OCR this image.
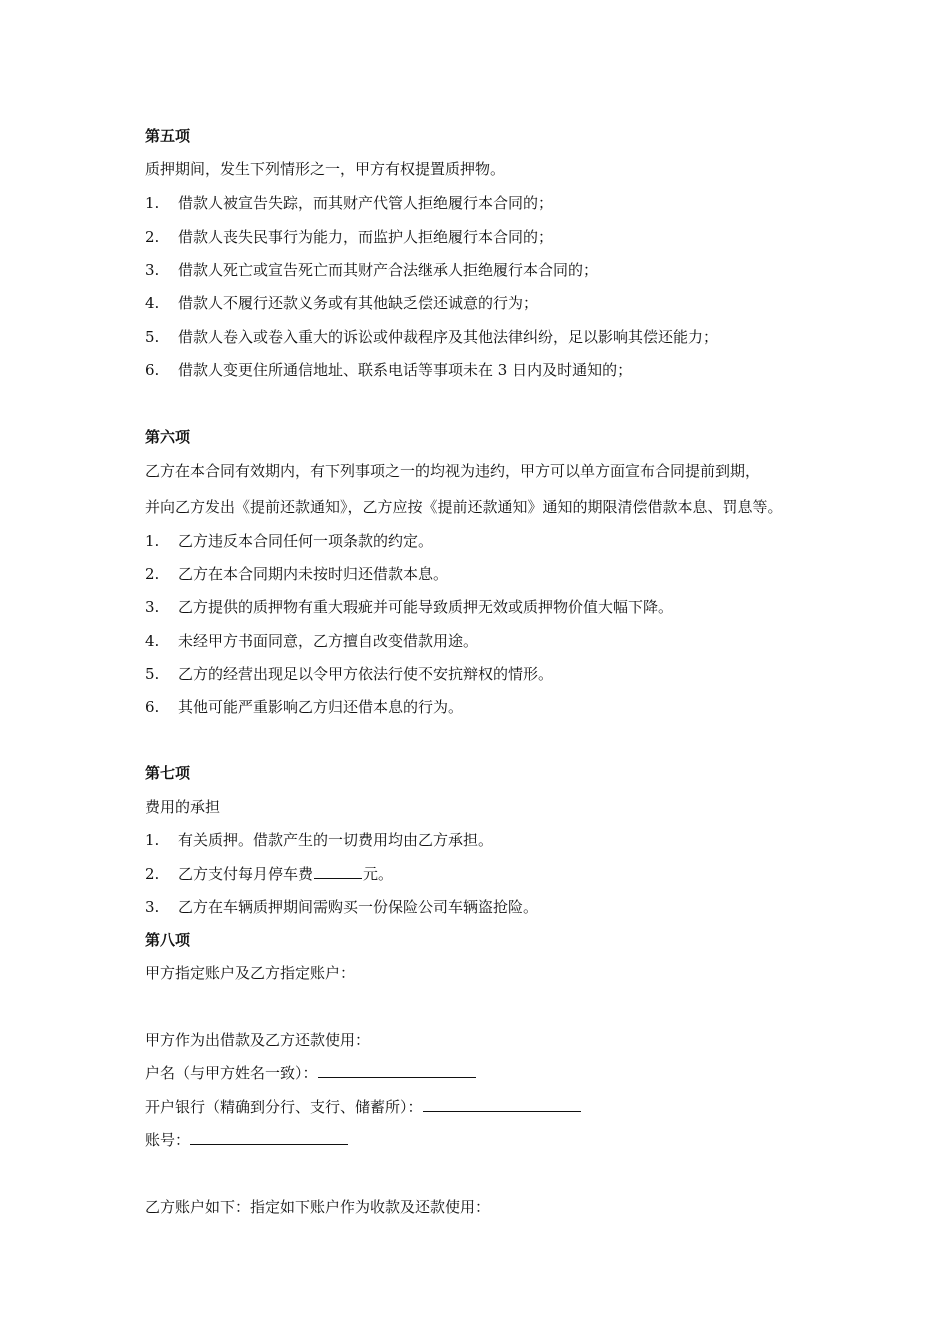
第五项
质押期间，发生下列情形之一，甲方有权提置质押物。
1. 借款人被宣告失踪，而其财产代管人拒绝履行本合同的；
2. 借款人丧失民事行为能力，而监护人拒绝履行本合同的；
3. 借款人死亡或宣告死亡而其财产合法继承人拒绝履行本合同的；
4. 借款人不履行还款义务或有其他缺乏偿还诚意的行为；
5. 借款人卷入或卷入重大的诉讼或仲裁程序及其他法律纠纷，足以影响其偿还能力；
6. 借款人变更住所通信地址、联系电话等事项未在 3 日内及时通知的；
第六项
乙方在本合同有效期内，有下列事项之一的均视为违约，甲方可以单方面宣布合同提前到期，
并向乙方发出《提前还款通知》，乙方应按《提前还款通知》通知的期限清偿借款本息、罚息等。
1. 乙方违反本合同任何一项条款的约定。
2. 乙方在本合同期内未按时归还借款本息。
3. 乙方提供的质押物有重大瑕疵并可能导致质押无效或质押物价值大幅下降。
4. 未经甲方书面同意，乙方擅自改变借款用途。
5. 乙方的经营出现足以令甲方依法行使不安抗辩权的情形。
6. 其他可能严重影响乙方归还借本息的行为。
第七项
费用的承担
1. 有关质押。借款产生的一切费用均由乙方承担。
2. 乙方支付每月停车费	元。
3. 乙方在车辆质押期间需购买一份保险公司车辆盗抢险。
第八项
甲方指定账户及乙方指定账户：
甲方作为出借款及乙方还款使用：
户名（与甲方姓名一致）：
开户银行（精确到分行、支行、储蓄所）：
账号：
乙方账户如下：指定如下账户作为收款及还款使用：
